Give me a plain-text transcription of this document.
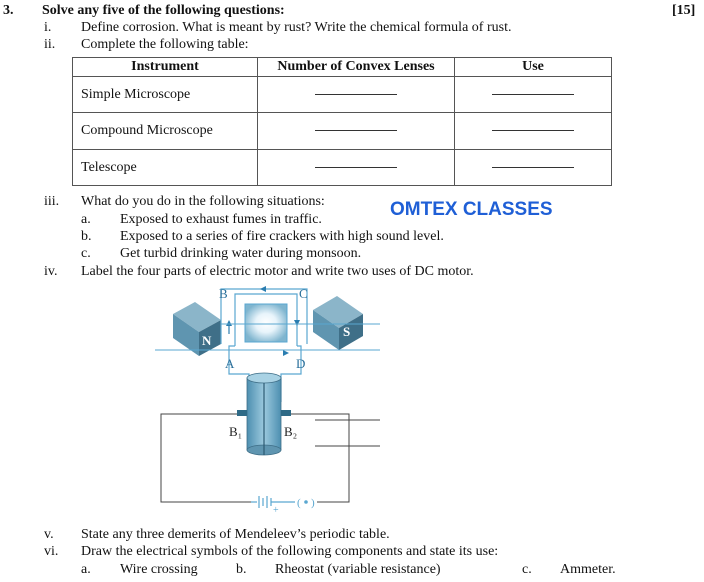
3. Solve any five of the following questions:	[15]
i. Define corrosion. What is meant by rust? Write the chemical formula of rust.
ii. Complete the following table:
Instrument	Number of Convex Lenses	Use
Simple Microscope		
Compound Microscope		
Telescope		
iii. What do you do in the following situations:	OMTEX CLASSES
a. Exposed to exhaust fumes in traffic.
b. Exposed to a series of fire crackers with high sound level.
c. Get turbid drinking water during monsoon.
iv. Label the four parts of electric motor and write two uses of DC motor.
N
S
+
( )
B	C
A	D
B₁	B₂
v. State any three demerits of Mendeleev’s periodic table.
vi. Draw the electrical symbols of the following components and state its use:
a. Wire crossing	b. Rheostat (variable resistance)	c. Ammeter.
